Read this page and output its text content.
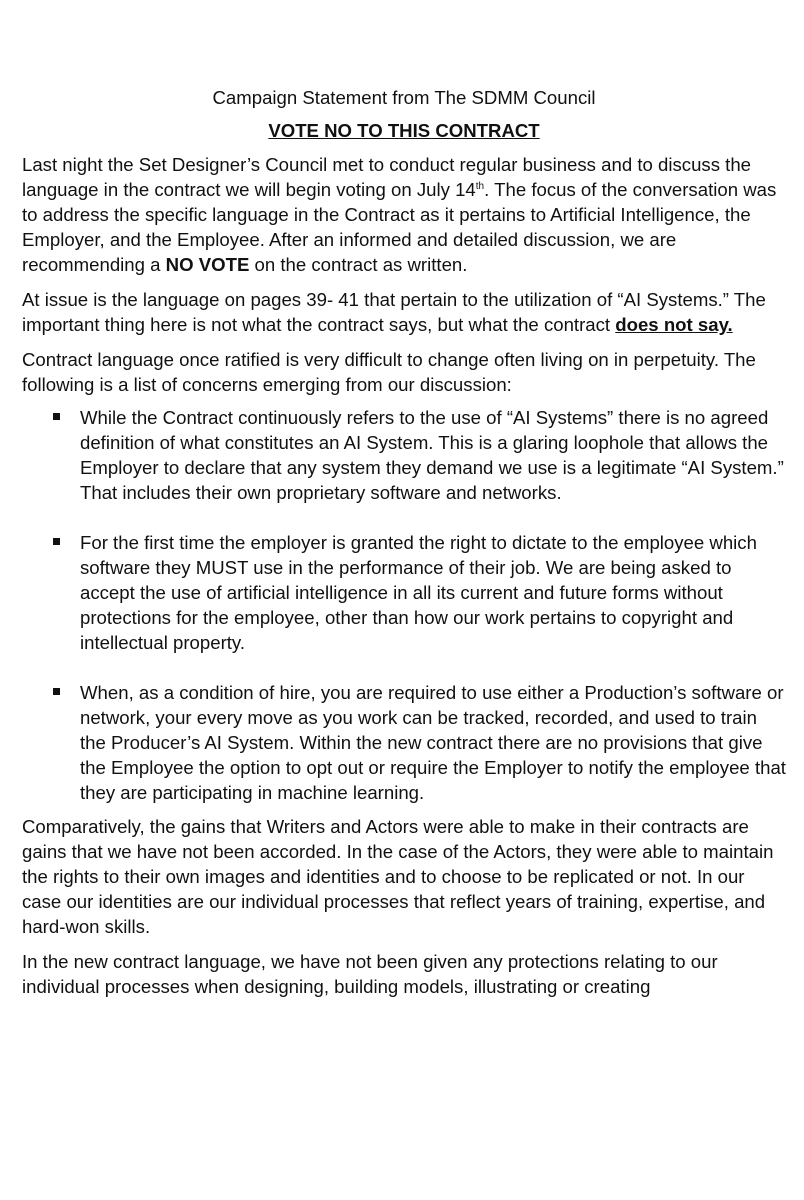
Campaign Statement from The SDMM Council
VOTE NO TO THIS CONTRACT

Last night the Set Designer’s Council met to conduct regular business and to discuss the language in the contract we will begin voting on July 14th. The focus of the conversation was to address the specific language in the Contract as it pertains to Artificial Intelligence, the Employer, and the Employee. After an informed and detailed discussion, we are recommending a NO VOTE on the contract as written.

At issue is the language on pages 39- 41 that pertain to the utilization of “AI Systems.” The important thing here is not what the contract says, but what the contract does not say.

Contract language once ratified is very difficult to change often living on in perpetuity. The following is a list of concerns emerging from our discussion:

While the Contract continuously refers to the use of “AI Systems” there is no agreed definition of what constitutes an AI System. This is a glaring loophole that allows the Employer to declare that any system they demand we use is a legitimate “AI System.” That includes their own proprietary software and networks.
For the first time the employer is granted the right to dictate to the employee which software they MUST use in the performance of their job. We are being asked to accept the use of artificial intelligence in all its current and future forms without protections for the employee, other than how our work pertains to copyright and intellectual property.
When, as a condition of hire, you are required to use either a Production’s software or network, your every move as you work can be tracked, recorded, and used to train the Producer’s AI System. Within the new contract there are no provisions that give the Employee the option to opt out or require the Employer to notify the employee that they are participating in machine learning.

Comparatively, the gains that Writers and Actors were able to make in their contracts are gains that we have not been accorded. In the case of the Actors, they were able to maintain the rights to their own images and identities and to choose to be replicated or not. In our case our identities are our individual processes that reflect years of training, expertise, and hard-won skills.

In the new contract language, we have not been given any protections relating to our individual processes when designing, building models, illustrating or creating
